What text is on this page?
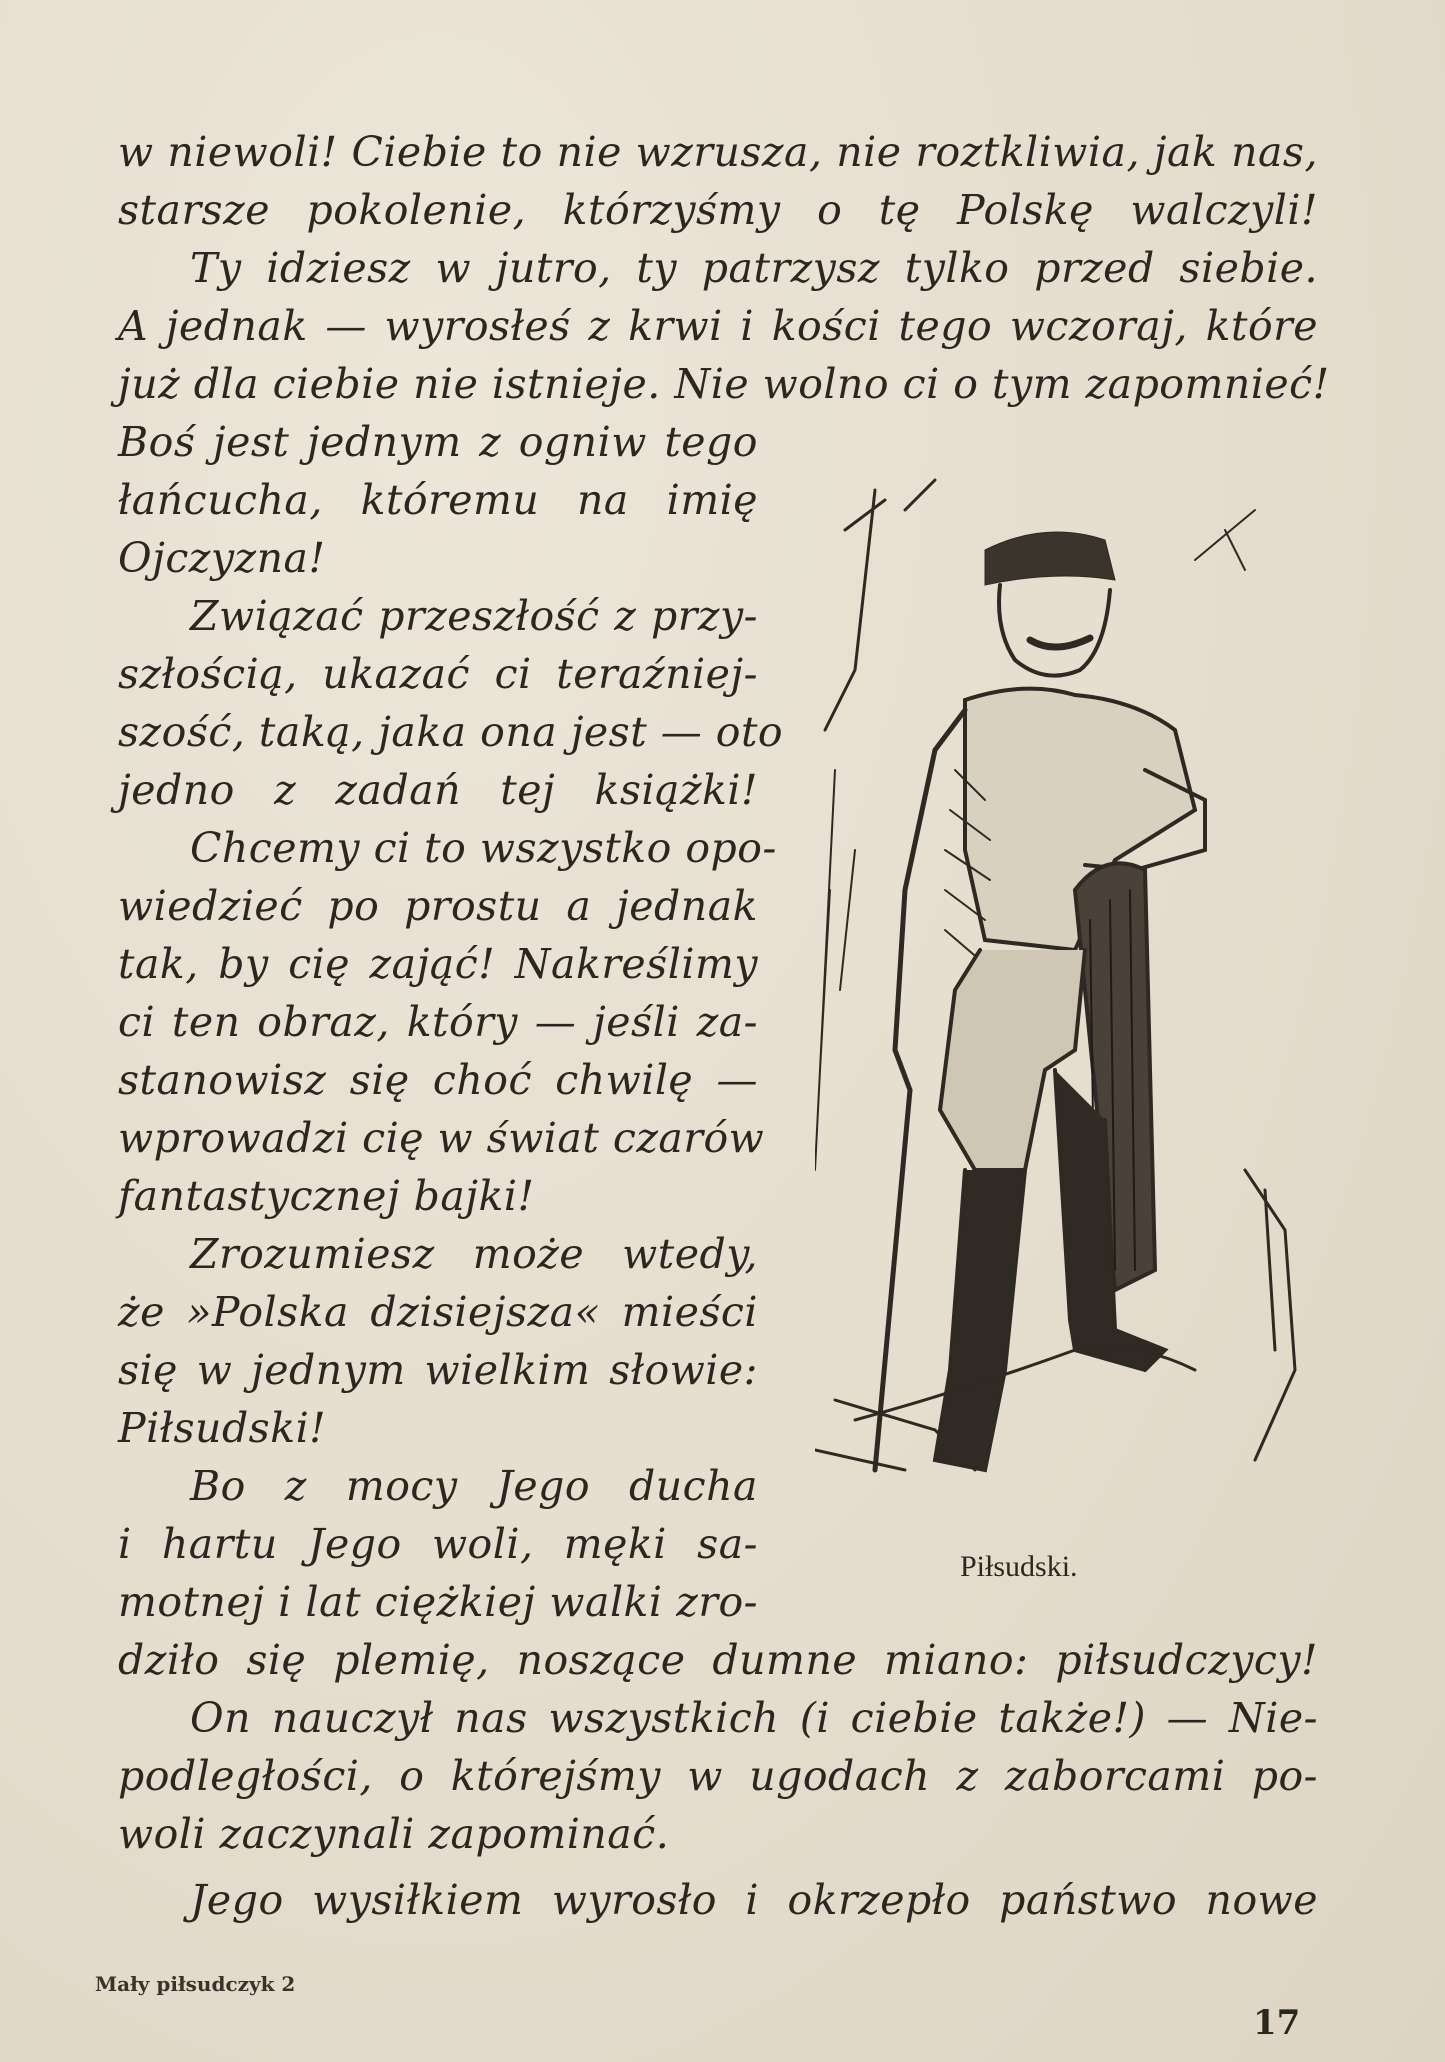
w niewoli! Ciebie to nie wzrusza, nie roztkliwia, jak nas,

starsze pokolenie, którzyśmy o tę Polskę walczyli!

Ty idziesz w jutro, ty patrzysz tylko przed siebie.

A jednak — wyrosłeś z krwi i kości tego wczoraj, które

już dla ciebie nie istnieje. Nie wolno ci o tym zapomnieć!

Boś jest jednym z ogniw tego

łańcucha, któremu na imię

Ojczyzna!

Związać przeszłość z przy-

szłością, ukazać ci teraźniej-

szość, taką, jaka ona jest — oto

jedno z zadań tej książki!

Chcemy ci to wszystko opo-

wiedzieć po prostu a jednak

tak, by cię zająć! Nakreślimy

ci ten obraz, który — jeśli za-

stanowisz się choć chwilę —

wprowadzi cię w świat czarów

fantastycznej bajki!

Zrozumiesz może wtedy,

że »Polska dzisiejsza« mieści

się w jednym wielkim słowie:

Piłsudski!

Bo z mocy Jego ducha

i hartu Jego woli, męki sa-

motnej i lat ciężkiej walki zro-

dziło się plemię, noszące dumne miano: piłsudczycy!

On nauczył nas wszystkich (i ciebie także!) — Nie-

podległości, o którejśmy w ugodach z zaborcami po-

woli zaczynali zapominać.

Jego wysiłkiem wyrosło i okrzepło państwo nowe

Piłsudski.
Mały piłsudczyk 2
17
